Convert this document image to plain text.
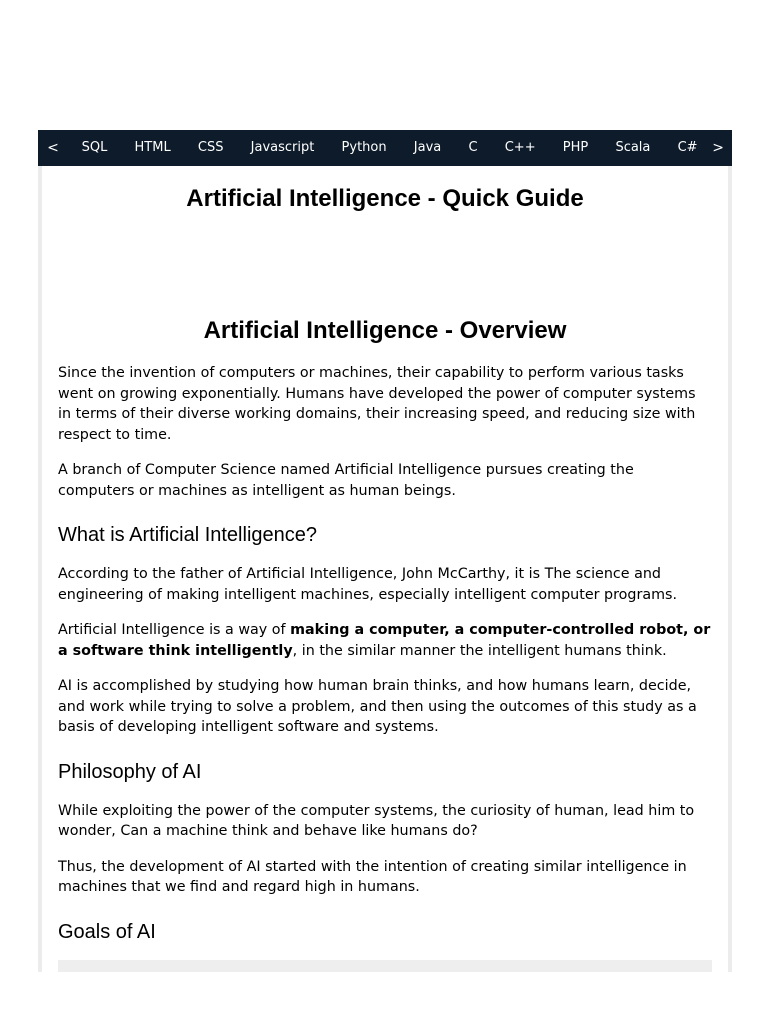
<	SQL	HTML	CSS	Javascript	Python	Java	C	C++	PHP	Scala	C#	>
Artificial Intelligence - Quick Guide
Artificial Intelligence - Overview

Since the invention of computers or machines, their capability to perform various tasks went on growing exponentially. Humans have developed the power of computer systems in terms of their diverse working domains, their increasing speed, and reducing size with respect to time.

A branch of Computer Science named Artificial Intelligence pursues creating the computers or machines as intelligent as human beings.

What is Artificial Intelligence?

According to the father of Artificial Intelligence, John McCarthy, it is The science and engineering of making intelligent machines, especially intelligent computer programs.

Artificial Intelligence is a way of making a computer, a computer-controlled robot, or a software think intelligently, in the similar manner the intelligent humans think.

AI is accomplished by studying how human brain thinks, and how humans learn, decide, and work while trying to solve a problem, and then using the outcomes of this study as a basis of developing intelligent software and systems.

Philosophy of AI

While exploiting the power of the computer systems, the curiosity of human, lead him to wonder, Can a machine think and behave like humans do?

Thus, the development of AI started with the intention of creating similar intelligence in machines that we find and regard high in humans.

Goals of AI
